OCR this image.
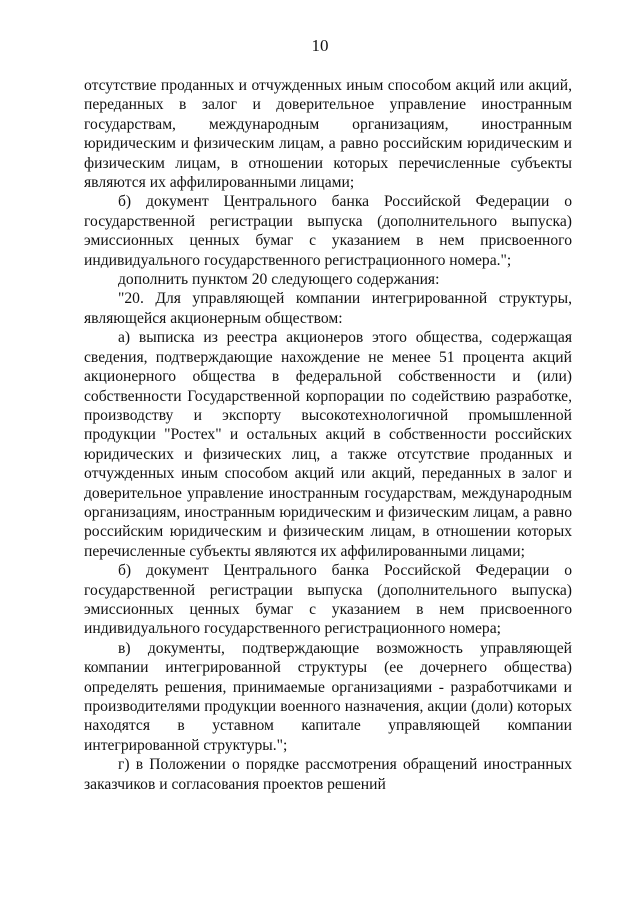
10

отсутствие проданных и отчужденных иным способом акций или акций, переданных в залог и доверительное управление иностранным государствам, международным организациям, иностранным юридическим и физическим лицам, а равно российским юридическим и физическим лицам, в отношении которых перечисленные субъекты являются их аффилированными лицами;

б) документ Центрального банка Российской Федерации о государственной регистрации выпуска (дополнительного выпуска) эмиссионных ценных бумаг с указанием в нем присвоенного индивидуального государственного регистрационного номера.";

дополнить пунктом 20 следующего содержания:

"20. Для управляющей компании интегрированной структуры, являющейся акционерным обществом:

а) выписка из реестра акционеров этого общества, содержащая сведения, подтверждающие нахождение не менее 51 процента акций акционерного общества в федеральной собственности и (или) собственности Государственной корпорации по содействию разработке, производству и экспорту высокотехнологичной промышленной продукции "Ростех" и остальных акций в собственности российских юридических и физических лиц, а также отсутствие проданных и отчужденных иным способом акций или акций, переданных в залог и доверительное управление иностранным государствам, международным организациям, иностранным юридическим и физическим лицам, а равно российским юридическим и физическим лицам, в отношении которых перечисленные субъекты являются их аффилированными лицами;

б) документ Центрального банка Российской Федерации о государственной регистрации выпуска (дополнительного выпуска) эмиссионных ценных бумаг с указанием в нем присвоенного индивидуального государственного регистрационного номера;

в) документы, подтверждающие возможность управляющей компании интегрированной структуры (ее дочернего общества) определять решения, принимаемые организациями - разработчиками и производителями продукции военного назначения, акции (доли) которых находятся в уставном капитале управляющей компании интегрированной структуры.";

г) в Положении о порядке рассмотрения обращений иностранных заказчиков и согласования проектов решений
